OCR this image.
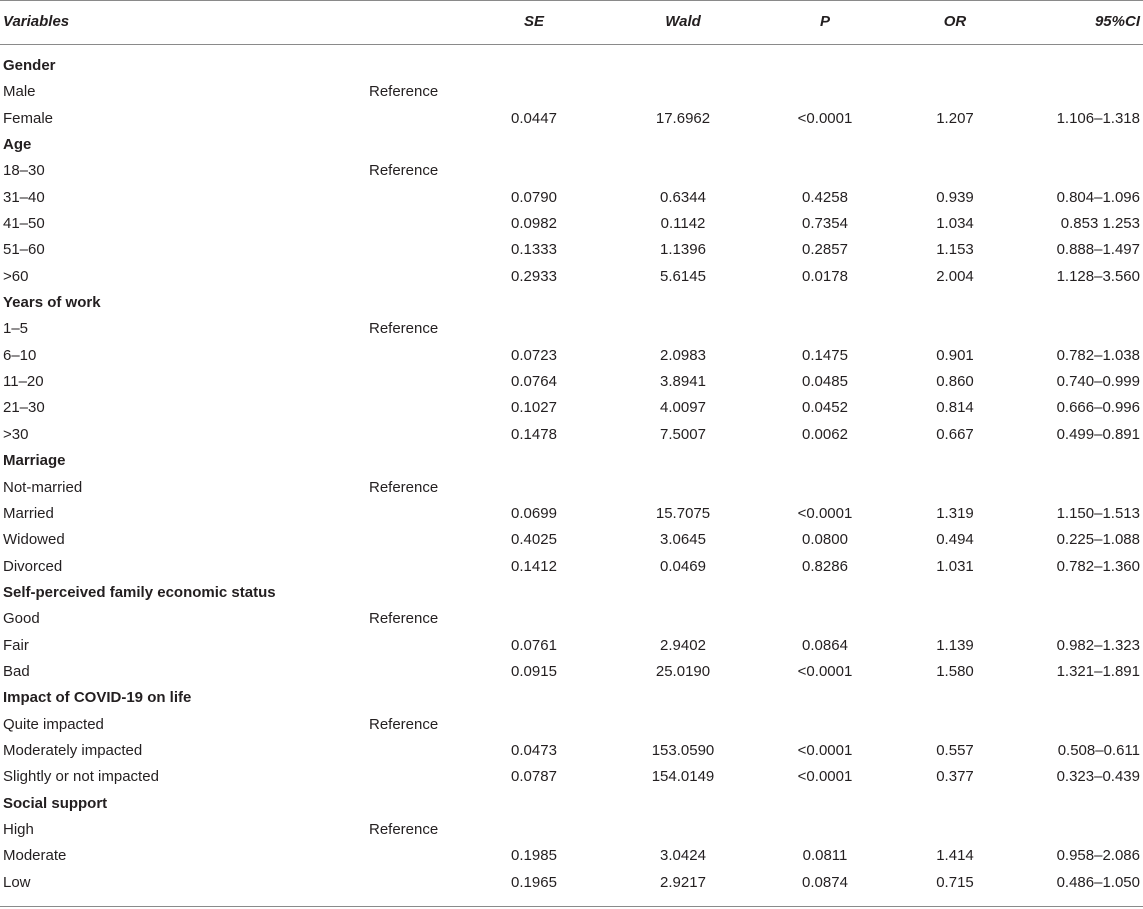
Variables	SE	Wald	P	OR	95%CI
Gender
Male	Reference
Female	0.0447	17.6962	<0.0001	1.207	1.106–1.318
Age
18–30	Reference
31–40	0.0790	0.6344	0.4258	0.939	0.804–1.096
41–50	0.0982	0.1142	0.7354	1.034	0.853 1.253
51–60	0.1333	1.1396	0.2857	1.153	0.888–1.497
>60	0.2933	5.6145	0.0178	2.004	1.128–3.560
Years of work
1–5	Reference
6–10	0.0723	2.0983	0.1475	0.901	0.782–1.038
11–20	0.0764	3.8941	0.0485	0.860	0.740–0.999
21–30	0.1027	4.0097	0.0452	0.814	0.666–0.996
>30	0.1478	7.5007	0.0062	0.667	0.499–0.891
Marriage
Not-married	Reference
Married	0.0699	15.7075	<0.0001	1.319	1.150–1.513
Widowed	0.4025	3.0645	0.0800	0.494	0.225–1.088
Divorced	0.1412	0.0469	0.8286	1.031	0.782–1.360
Self-perceived family economic status
Good	Reference
Fair	0.0761	2.9402	0.0864	1.139	0.982–1.323
Bad	0.0915	25.0190	<0.0001	1.580	1.321–1.891
Impact of COVID-19 on life
Quite impacted	Reference
Moderately impacted	0.0473	153.0590	<0.0001	0.557	0.508–0.611
Slightly or not impacted	0.0787	154.0149	<0.0001	0.377	0.323–0.439
Social support
High	Reference
Moderate	0.1985	3.0424	0.0811	1.414	0.958–2.086
Low	0.1965	2.9217	0.0874	0.715	0.486–1.050
